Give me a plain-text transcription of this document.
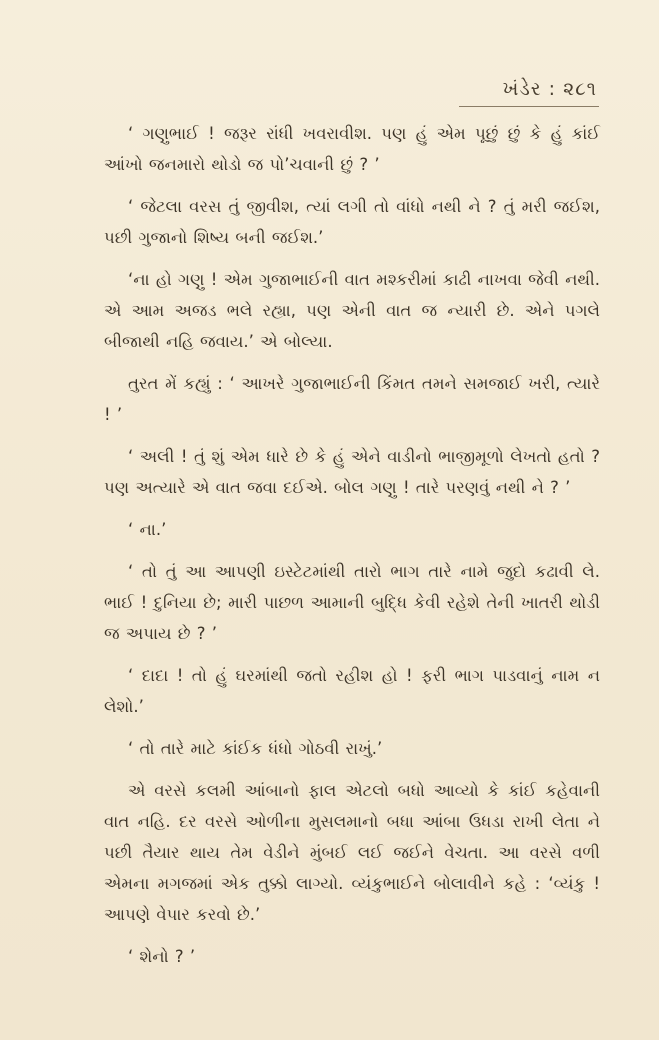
ખંડેર : ૨૮૧

‘ ગણુભાઈ ! જરૂર રાંધી ખવરાવીશ. પણ હું એમ પૂછું છું કે હું કાંઈ આંખો જનમારો થોડો જ પો’ચવાની છું ? ’

‘ જેટલા વરસ તું જીવીશ, ત્યાં લગી તો વાંધો નથી ને ? તું મરી જઈશ, પછી ગુજાનો શિષ્ય બની જઈશ.’

‘ના હો ગણુ ! એમ ગુજાભાઈની વાત મશ્કરીમાં કાઢી નાખવા જેવી નથી. એ આમ અજડ ભલે રહ્યા, પણ એની વાત જ ન્યારી છે. એને પગલે બીજાથી નહિ જવાય.’ એ બોલ્યા.

તુરત મેં કહ્યું : ‘ આખરે ગુજાભાઈની કિંમત તમને સમજાઈ ખરી, ત્યારે ! ’

‘ અલી ! તું શું એમ ધારે છે કે હું એને વાડીનો ભાજીમૂળો લેખતો હતો ? પણ અત્યારે એ વાત જવા દઈએ. બોલ ગણુ ! તારે પરણવું નથી ને ? ’

‘ ના.’

‘ તો તું આ આપણી ઇસ્ટેટમાંથી તારો ભાગ તારે નામે જુદો કઢાવી લે. ભાઈ ! દુનિયા છે; મારી પાછળ આમાની બુદ્ધિ કેવી રહેશે તેની ખાતરી થોડી જ અપાય છે ? ’

‘ દાદા ! તો હું ઘરમાંથી જતો રહીશ હો ! ફરી ભાગ પાડવાનું નામ ન લેશો.’

‘ તો તારે માટે કાંઈક ધંધો ગોઠવી રાખું.’

એ વરસે કલમી આંબાનો ફાલ એટલો બધો આવ્યો કે કાંઈ કહેવાની વાત નહિ. દર વરસે ઓળીના મુસલમાનો બધા આંબા ઉધડા રાખી લેતા ને પછી તૈયાર થાય તેમ વેડીને મુંબઈ લઈ જઈને વેચતા. આ વરસે વળી એમના મગજમાં એક તુક્કો લાગ્યો. વ્યંકુભાઈને બોલાવીને કહે : ‘વ્યંકુ ! આપણે વેપાર કરવો છે.’

‘ શેનો ? ’
